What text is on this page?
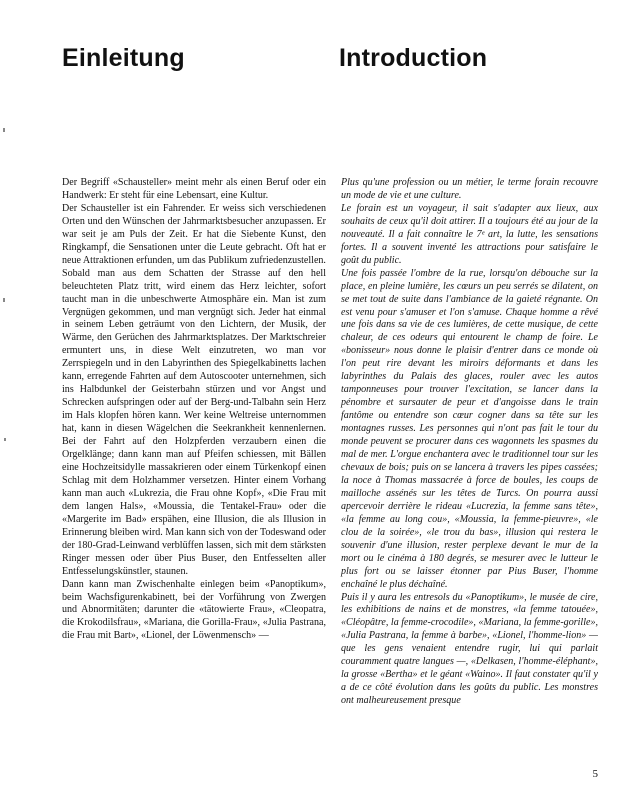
Einleitung	Introduction

Der Begriff «Schausteller» meint mehr als einen Beruf oder ein Handwerk: Er steht für eine Lebensart, eine Kultur.

Der Schausteller ist ein Fahrender. Er weiss sich verschiedenen Orten und den Wünschen der Jahrmarktsbesucher anzupassen. Er war seit je am Puls der Zeit. Er hat die Siebente Kunst, den Ringkampf, die Sensationen unter die Leute gebracht. Oft hat er neue Attraktionen erfunden, um das Publikum zufriedenzustellen.

Sobald man aus dem Schatten der Strasse auf den hell beleuchteten Platz tritt, wird einem das Herz leichter, sofort taucht man in die unbeschwerte Atmosphäre ein. Man ist zum Vergnügen gekommen, und man vergnügt sich. Jeder hat einmal in seinem Leben geträumt von den Lichtern, der Musik, der Wärme, den Gerüchen des Jahrmarktsplatzes. Der Marktschreier ermuntert uns, in diese Welt einzutreten, wo man vor Zerrspiegeln und in den Labyrinthen des Spiegelkabinetts lachen kann, erregende Fahrten auf dem Autoscooter unternehmen, sich ins Halbdunkel der Geisterbahn stürzen und vor Angst und Schrecken aufspringen oder auf der Berg-und-Talbahn sein Herz im Hals klopfen hören kann. Wer keine Weltreise unternommen hat, kann in diesen Wägelchen die Seekrankheit kennenlernen. Bei der Fahrt auf den Holzpferden verzaubern einen die Orgelklänge; dann kann man auf Pfeifen schiessen, mit Bällen eine Hochzeitsidylle massakrieren oder einem Türkenkopf einen Schlag mit dem Holzhammer versetzen. Hinter einem Vorhang kann man auch «Lukrezia, die Frau ohne Kopf», «Die Frau mit dem langen Hals», «Moussia, die Tentakel-Frau» oder die «Margerite im Bad» erspähen, eine Illusion, die als Illusion in Erinnerung bleiben wird. Man kann sich von der Todeswand oder der 180-Grad-Leinwand verblüffen lassen, sich mit dem stärksten Ringer messen oder über Pius Buser, den Entfesselten aller Entfesselungskünstler, staunen.

Dann kann man Zwischenhalte einlegen beim «Panoptikum», beim Wachsfigurenkabinett, bei der Vorführung von Zwergen und Abnormitäten; darunter die «tätowierte Frau», «Cleopatra, die Krokodilsfrau», «Mariana, die Gorilla-Frau», «Julia Pastrana, die Frau mit Bart», «Lionel, der Löwenmensch» —

Plus qu'une profession ou un métier, le terme forain recouvre un mode de vie et une culture.

Le forain est un voyageur, il sait s'adapter aux lieux, aux souhaits de ceux qu'il doit attirer. Il a toujours été au jour de la nouveauté. Il a fait connaître le 7ᵉ art, la lutte, les sensations fortes. Il a souvent inventé les attractions pour satisfaire le goût du public.

Une fois passée l'ombre de la rue, lorsqu'on débouche sur la place, en pleine lumière, les cœurs un peu serrés se dilatent, on se met tout de suite dans l'ambiance de la gaieté régnante. On est venu pour s'amuser et l'on s'amuse. Chaque homme a rêvé une fois dans sa vie de ces lumières, de cette musique, de cette chaleur, de ces odeurs qui entourent le champ de foire. Le «bonisseur» nous donne le plaisir d'entrer dans ce monde où l'on peut rire devant les miroirs déformants et dans les labyrinthes du Palais des glaces, rouler avec les autos tamponneuses pour trouver l'excitation, se lancer dans la pénombre et sursauter de peur et d'angoisse dans le train fantôme ou entendre son cœur cogner dans sa tête sur les montagnes russes. Les personnes qui n'ont pas fait le tour du monde peuvent se procurer dans ces wagonnets les spasmes du mal de mer. L'orgue enchantera avec le traditionnel tour sur les chevaux de bois; puis on se lancera à travers les pipes cassées; la noce à Thomas massacrée à force de boules, les coups de mailloche assénés sur les têtes de Turcs. On pourra aussi apercevoir derrière le rideau «Lucrezia, la femme sans tête», «la femme au long cou», «Moussia, la femme-pieuvre», «le clou de la soirée», «le trou du bas», illusion qui restera le souvenir d'une illusion, rester perplexe devant le mur de la mort ou le cinéma à 180 degrés, se mesurer avec le lutteur le plus fort ou se laisser étonner par Pius Buser, l'homme enchaîné le plus déchaîné.

Puis il y aura les entresols du «Panoptikum», le musée de cire, les exhibitions de nains et de monstres, «la femme tatouée», «Cléopâtre, la femme-crocodile», «Mariana, la femme-gorille», «Julia Pastrana, la femme à barbe», «Lionel, l'homme-lion» — que les gens venaient entendre rugir, lui qui parlait couramment quatre langues —, «Delkasen, l'homme-éléphant», la grosse «Bertha» et le géant «Waino». Il faut constater qu'il y a de ce côté évolution dans les goûts du public. Les monstres ont malheureusement presque

5
